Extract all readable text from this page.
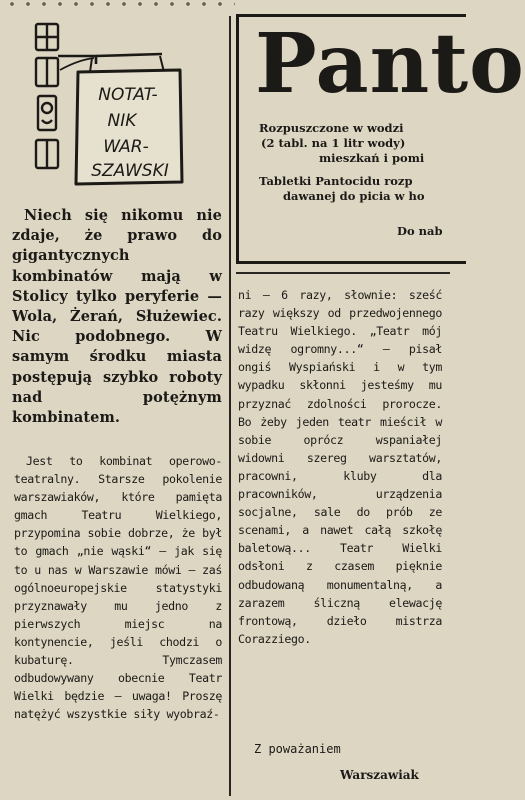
Panto
Rozpuszczone w wodzi
(2 tabl. na 1 litr wody)
mieszkań i pomi
Tabletki Pantocidu rozp
dawanej do picia w ho
Do nab
NOTAT-
NIK
WAR-
SZAWSKI
Niech się nikomu nie zdaje, że prawo do gigantycznych kombinatów mają w Stolicy tylko peryferie — Wola, Żerań, Służewiec. Nic podobnego. W samym środku miasta postępują szybko roboty nad potężnym kombinatem.
Jest to kombinat operowo-teatralny. Starsze pokolenie warszawiaków, które pamięta gmach Teatru Wielkiego, przypomina sobie dobrze, że był to gmach „nie wąski“ — jak się to u nas w Warszawie mówi — zaś ogólnoeuropejskie statystyki przyznawały mu jedno z pierwszych miejsc na kontynencie, jeśli chodzi o kubaturę. Tymczasem odbudowywany obecnie Teatr Wielki będzie — uwaga! Proszę natężyć wszystkie siły wyobraź-
ni — 6 razy, słownie: sześć razy większy od przedwojennego Teatru Wielkiego. „Teatr mój widzę ogromny...“ — pisał ongiś Wyspiański i w tym wypadku skłonni jesteśmy mu przyznać zdolności proroczе. Bo żeby jeden teatr mieścił w sobie oprócz wspaniałej widowni szereg warsztatów, pracowni, kluby dla pracowników, urządzenia socjalne, sale do prób ze scenami, a nawet całą szkołę baletową... Teatr Wielki odsłoni z czasem pięknie odbudowaną monumentalną, a zarazem śliczną elewację frontową, dzieło mistrza Corazziego.
Z poważaniem
Warszawiak
